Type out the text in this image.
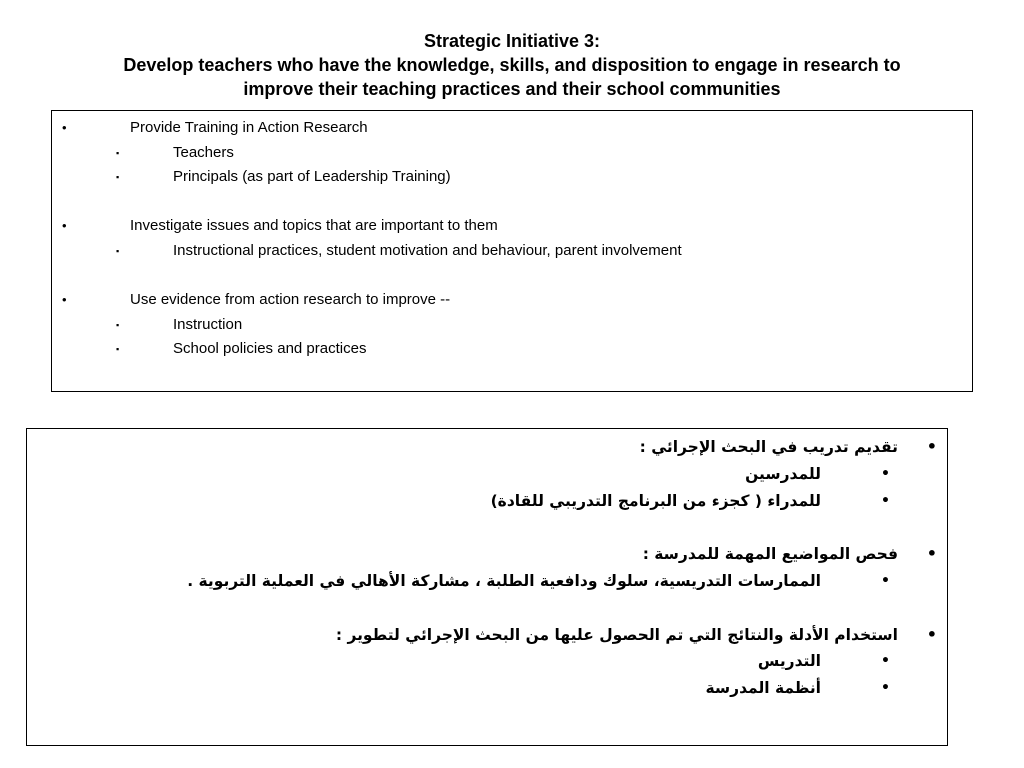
Strategic Initiative 3:
Develop teachers who have the knowledge, skills, and disposition to engage in research to
improve their teaching practices and their school communities
•	Provide Training in Action Research
▪	Teachers
▪	Principals (as part of Leadership Training)
•	Investigate issues and topics that are important to them
▪	Instructional practices, student motivation and behaviour, parent involvement
•	Use evidence from action research to improve --
▪	Instruction
▪	School policies and practices
•
تقديم تدريب في البحث الإجرائي :
•
للمدرسين
•
للمدراء ( كجزء من البرنامج التدريبي للقادة)
•
فحص المواضيع المهمة للمدرسة :
•
الممارسات التدريسية، سلوك ودافعية الطلبة ، مشاركة الأهالي في العملية التربوية .
•
استخدام الأدلة والنتائج التي تم الحصول عليها من البحث الإجرائي لتطوير :
•
التدريس
•
أنظمة المدرسة
